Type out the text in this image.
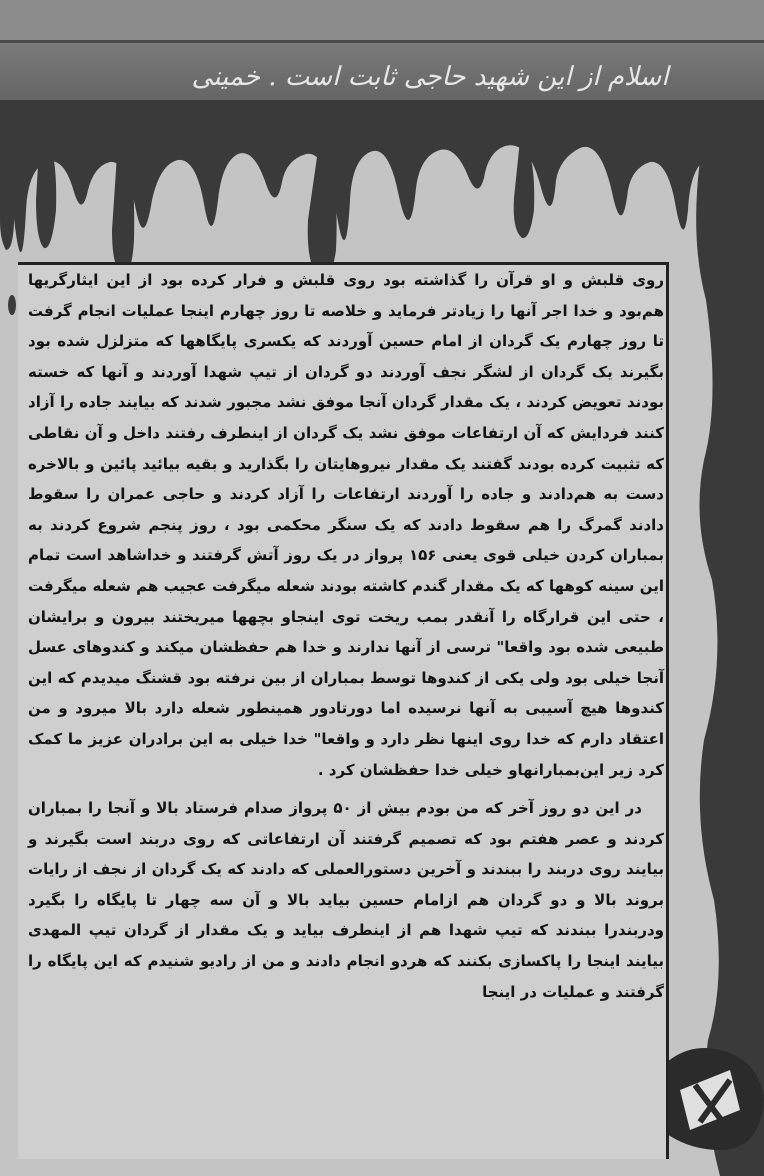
اسلام از این شهید حاجی ثابت است . خمینی

روی قلبش و او قرآن را گذاشته بود روی قلبش و فرار کرده بود از این ایثارگریها هم‌بود و خدا اجر آنها را زیادتر فرماید و خلاصه تا روز چهارم اینجا عملیات انجام گرفت تا روز چهارم یک گردان از امام حسین آوردند که یکسری پایگاهها که متزلزل شده بود بگیرند یک گردان از لشگر نجف آوردند دو گردان از تیپ شهدا آوردند و آنها که خسته بودند تعویض کردند ، یک مقدار گردان آنجا موفق نشد مجبور شدند که بیایند جاده را آزاد کنند فردایش که آن ارتفاعات موفق نشد یک گردان از اینطرف رفتند داخل و آن نقاطی که تثبیت کرده بودند گفتند یک مقدار نیروهایتان را بگذارید و بقیه بیائید پائین و بالاخره دست به هم‌دادند و جاده را آوردند ارتفاعات را آزاد کردند و حاجی عمران را سقوط دادند گمرگ را هم سقوط دادند که یک سنگر محکمی بود ، روز پنجم شروع کردند به بمباران کردن خیلی قوی یعنی ۱۵۶ پرواز در یک روز آتش گرفتند و خداشاهد است تمام این سینه کوهها که یک مقدار گندم کاشته بودند شعله میگرفت عجیب هم شعله میگرفت ، حتی این قرارگاه را آنقدر بمب ریخت توی اینجاو بچهها میریختند بیرون و برایشان طبیعی شده بود واقعا" ترسی از آنها ندارند و خدا هم حفظشان میکند و کندوهای عسل آنجا خیلی بود ولی یکی از کندوها توسط بمباران از بین نرفته بود قشنگ میدیدم که این کندوها هیچ آسیبی به آنها نرسیده اما دورتادور همینطور شعله دارد بالا میرود و من اعتقاد دارم که خدا روی اینها نظر دارد و واقعا" خدا خیلی به این برادران عزیز ما کمک کرد زیر این‌بمبارانهاو خیلی خدا حفظشان کرد .

در این دو روز آخر که من بودم بیش از ۵۰ پرواز صدام فرستاد بالا و آنجا را بمباران کردند و عصر هفتم بود که تصمیم گرفتند آن ارتفاعاتی که روی دربند است بگیرند و بیایند روی دربند را ببندند و آخرین دستورالعملی که دادند که یک گردان از نجف از رایات بروند بالا و دو گردان هم ازامام حسین بیاید بالا و آن سه چهار تا پایگاه را بگیرد ودربندرا ببندند که تیپ شهدا هم از اینطرف بیاید و یک مقدار از گردان تیپ المهدی بیایند اینجا را پاکسازی بکنند که هردو انجام دادند و من از رادیو شنیدم که این پایگاه را گرفتند و عملیات در اینجا
